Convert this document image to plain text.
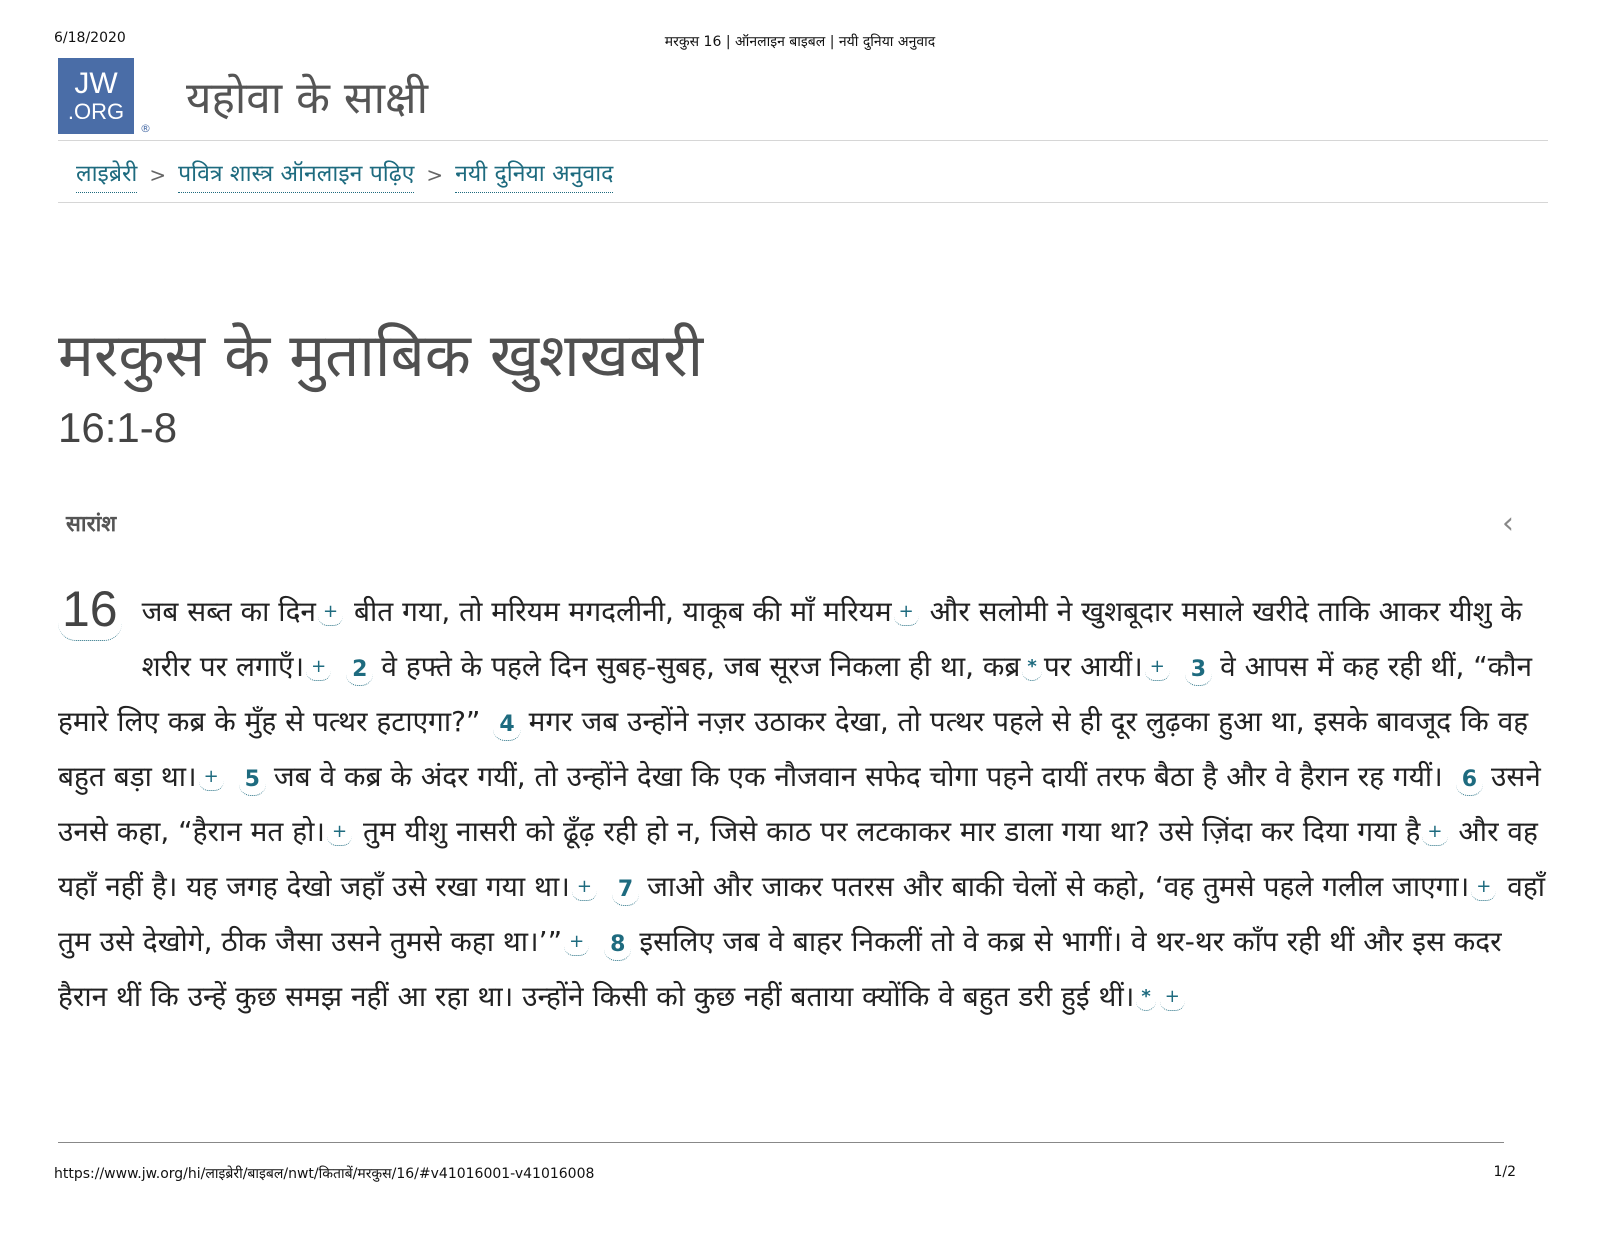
6/18/2020	मरकुस 16 | ऑनलाइन बाइबल | नयी दुनिया अनुवाद
JW
.ORG
®
यहोवा के साक्षी
लाइब्रेरी > पवित्र शास्त्र ऑनलाइन पढ़िए > नयी दुनिया अनुवाद
मरकुस के मुताबिक खुशखबरी
16:1-8
सारांश	‹
16 जब सब्त का दिन + बीत गया, तो मरियम मगदलीनी, याकूब की माँ मरियम + और सलोमी ने खुशबूदार मसाले खरीदे ताकि आकर यीशु के शरीर पर लगाएँ। + 2 वे हफ्ते के पहले दिन सुबह-सुबह, जब सूरज निकला ही था, कब्र * पर आयीं। + 3 वे आपस में कह रही थीं, “कौन हमारे लिए कब्र के मुँह से पत्थर हटाएगा?” 4 मगर जब उन्होंने नज़र उठाकर देखा, तो पत्थर पहले से ही दूर लुढ़का हुआ था, इसके बावजूद कि वह बहुत बड़ा था। + 5 जब वे कब्र के अंदर गयीं, तो उन्होंने देखा कि एक नौजवान सफेद चोगा पहने दायीं तरफ बैठा है और वे हैरान रह गयीं। 6 उसने उनसे कहा, “हैरान मत हो। + तुम यीशु नासरी को ढूँढ़ रही हो न, जिसे काठ पर लटकाकर मार डाला गया था? उसे ज़िंदा कर दिया गया है + और वह यहाँ नहीं है। यह जगह देखो जहाँ उसे रखा गया था। + 7 जाओ और जाकर पतरस और बाकी चेलों से कहो, ‘वह तुमसे पहले गलील जाएगा। + वहाँ तुम उसे देखोगे, ठीक जैसा उसने तुमसे कहा था।’” + 8 इसलिए जब वे बाहर निकलीं तो वे कब्र से भागीं। वे थर-थर काँप रही थीं और इस कदर हैरान थीं कि उन्हें कुछ समझ नहीं आ रहा था। उन्होंने किसी को कुछ नहीं बताया क्योंकि वे बहुत डरी हुई थीं। * +
https://www.jw.org/hi/लाइब्रेरी/बाइबल/nwt/किताबें/मरकुस/16/#v41016001-v41016008	1/2
